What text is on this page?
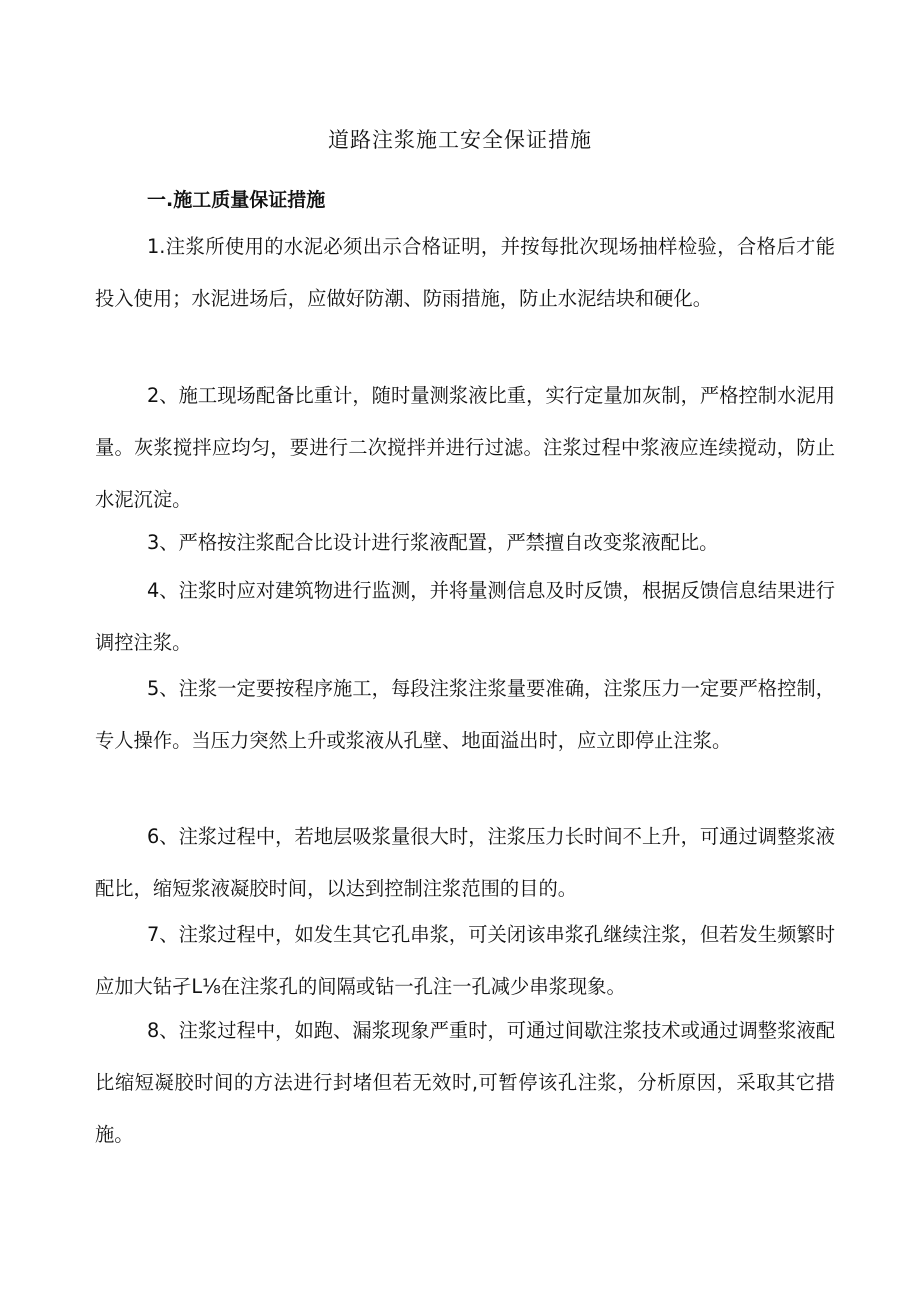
道路注浆施工安全保证措施
一.施工质量保证措施

1.注浆所使用的水泥必须出示合格证明，并按每批次现场抽样检验，合格后才能投入使用；水泥进场后，应做好防潮、防雨措施，防止水泥结块和硬化。

2、施工现场配备比重计，随时量测浆液比重，实行定量加灰制，严格控制水泥用量。灰浆搅拌应均匀，要进行二次搅拌并进行过滤。注浆过程中浆液应连续搅动，防止水泥沉淀。

3、严格按注浆配合比设计进行浆液配置，严禁擅自改变浆液配比。

4、注浆时应对建筑物进行监测，并将量测信息及时反馈，根据反馈信息结果进行调控注浆。

5、注浆一定要按程序施工，每段注浆注浆量要准确，注浆压力一定要严格控制，专人操作。当压力突然上升或浆液从孔壁、地面溢出时，应立即停止注浆。

6、注浆过程中，若地层吸浆量很大时，注浆压力长时间不上升，可通过调整浆液配比，缩短浆液凝胶时间，以达到控制注浆范围的目的。

7、注浆过程中，如发生其它孔串浆，可关闭该串浆孔继续注浆，但若发生频繁时应加大钻孑L⅛在注浆孔的间隔或钻一孔注一孔减少串浆现象。

8、注浆过程中，如跑、漏浆现象严重时，可通过间歇注浆技术或通过调整浆液配比缩短凝胶时间的方法进行封堵但若无效时,可暂停该孔注浆，分析原因，采取其它措施。
